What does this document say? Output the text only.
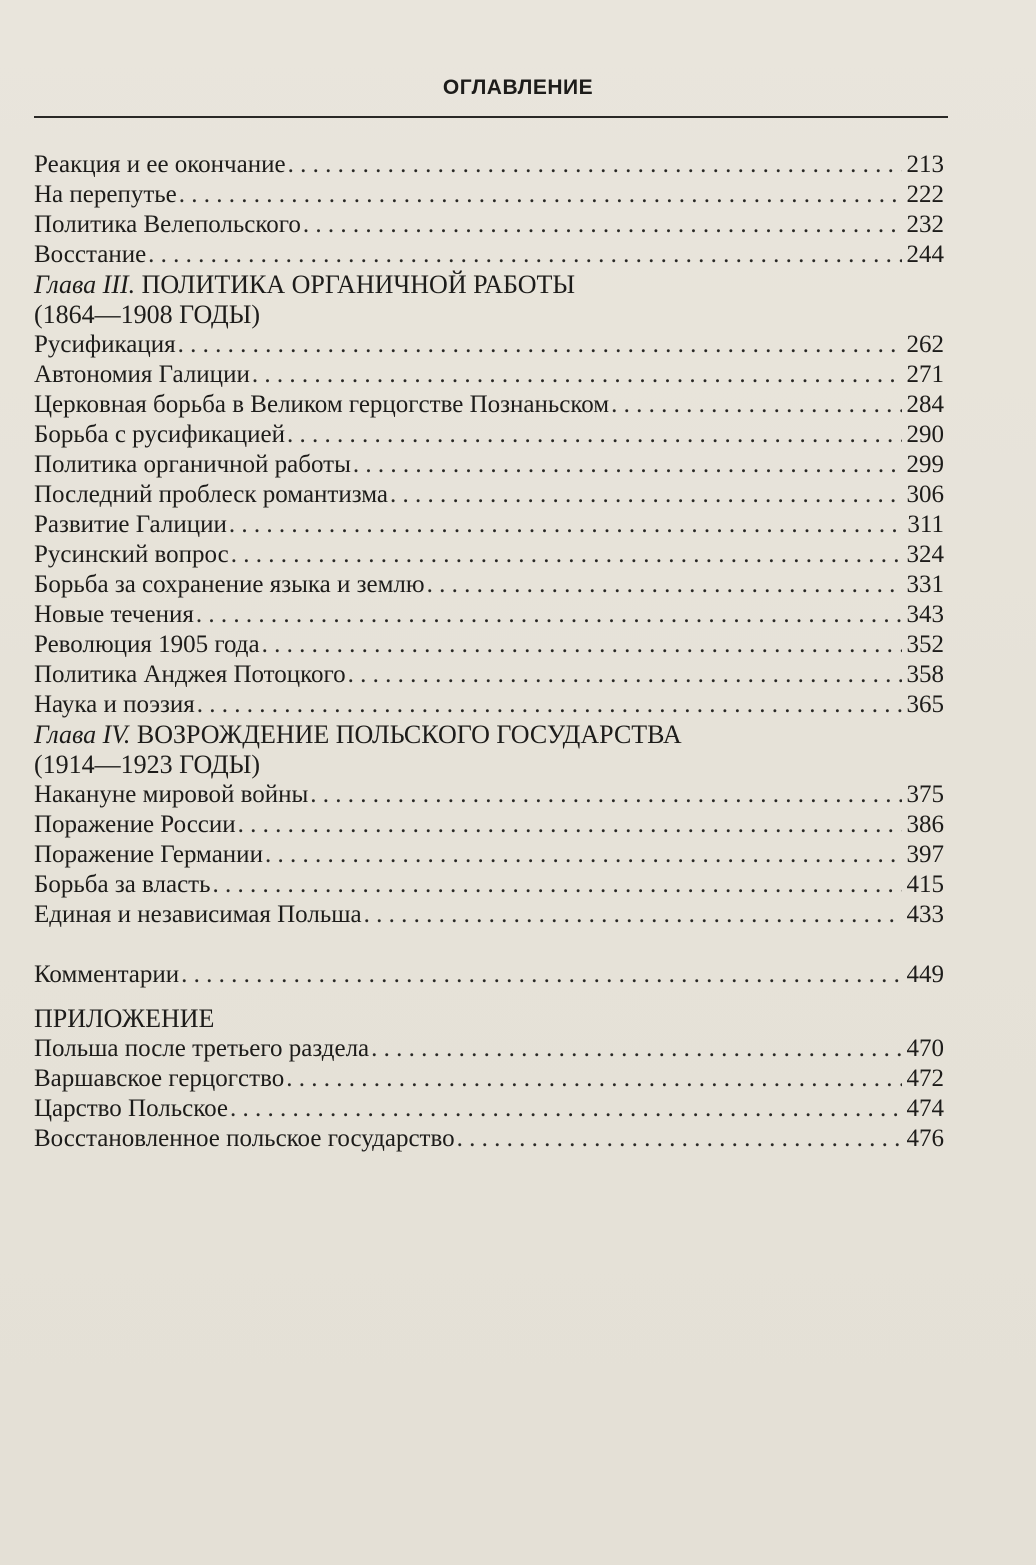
ОГЛАВЛЕНИЕ
Реакция и ее окончание . . .	213
На перепутье . . .	222
Политика Велепольского . . .	232
Восстание . . .	244
Глава III. ПОЛИТИКА ОРГАНИЧНОЙ РАБОТЫ
(1864—1908 ГОДЫ)
Русификация . . .	262
Автономия Галиции . . .	271
Церковная борьба в Великом герцогстве Познаньском . . .	284
Борьба с русификацией . . .	290
Политика органичной работы . . .	299
Последний проблеск романтизма . . .	306
Развитие Галиции . . .	311
Русинский вопрос . . .	324
Борьба за сохранение языка и землю . . .	331
Новые течения . . .	343
Революция 1905 года . . .	352
Политика Анджея Потоцкого . . .	358
Наука и поэзия . . .	365
Глава IV. ВОЗРОЖДЕНИЕ ПОЛЬСКОГО ГОСУДАРСТВА
(1914—1923 ГОДЫ)
Накануне мировой войны . . .	375
Поражение России . . .	386
Поражение Германии . . .	397
Борьба за власть . . .	415
Единая и независимая Польша . . .	433
Комментарии . . .	449
ПРИЛОЖЕНИЕ
Польша после третьего раздела . . .	470
Варшавское герцогство . . .	472
Царство Польское . . .	474
Восстановленное польское государство . . .	476
